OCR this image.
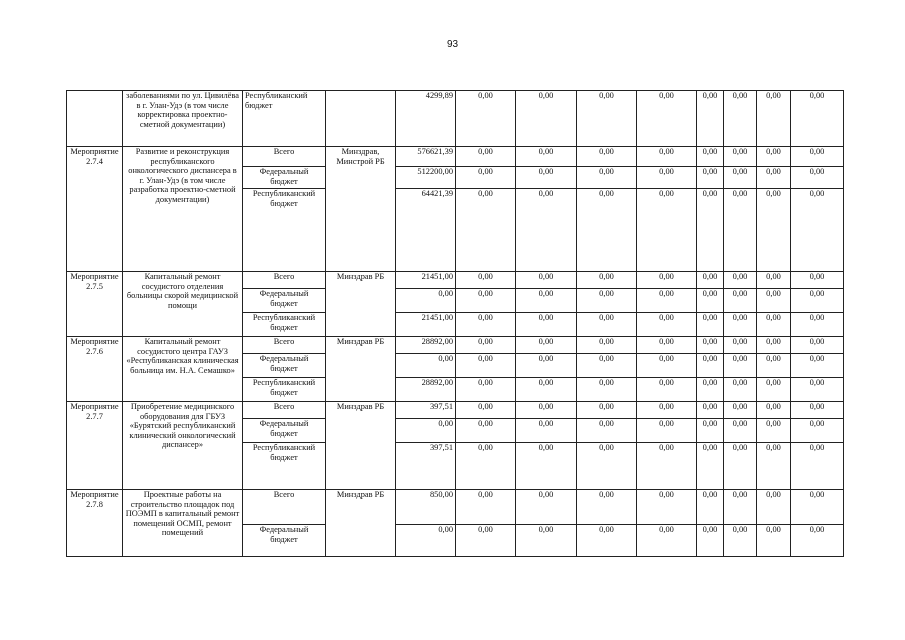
93
	заболеваниями по ул. Цивилёва в г. Улан-Удэ (в том числе корректировка проектно-сметной документации)	Республиканский бюджет		4299,89	0,00	0,00	0,00	0,00	0,00	0,00	0,00	0,00
Мероприятие 2.7.4	Развитие и реконструкция республиканского онкологического диспансера в г. Улан-Удэ (в том числе разработка проектно-сметной документации)	Всего	Минздрав, Минстрой РБ	576621,39	0,00	0,00	0,00	0,00	0,00	0,00	0,00	0,00
		Федеральный бюджет		512200,00	0,00	0,00	0,00	0,00	0,00	0,00	0,00	0,00
		Республиканский бюджет		64421,39	0,00	0,00	0,00	0,00	0,00	0,00	0,00	0,00
Мероприятие 2.7.5	Капитальный ремонт сосудистого отделения больницы скорой медицинской помощи	Всего	Минздрав РБ	21451,00	0,00	0,00	0,00	0,00	0,00	0,00	0,00	0,00
		Федеральный бюджет		0,00	0,00	0,00	0,00	0,00	0,00	0,00	0,00	0,00
		Республиканский бюджет		21451,00	0,00	0,00	0,00	0,00	0,00	0,00	0,00	0,00
Мероприятие 2.7.6	Капитальный ремонт сосудистого центра ГАУЗ «Республиканская клиническая больница им. Н.А. Семашко»	Всего	Минздрав РБ	28892,00	0,00	0,00	0,00	0,00	0,00	0,00	0,00	0,00
		Федеральный бюджет		0,00	0,00	0,00	0,00	0,00	0,00	0,00	0,00	0,00
		Республиканский бюджет		28892,00	0,00	0,00	0,00	0,00	0,00	0,00	0,00	0,00
Мероприятие 2.7.7	Приобретение медицинского оборудования для ГБУЗ «Бурятский республиканский клинический онкологический диспансер»	Всего	Минздрав РБ	397,51	0,00	0,00	0,00	0,00	0,00	0,00	0,00	0,00
		Федеральный бюджет		0,00	0,00	0,00	0,00	0,00	0,00	0,00	0,00	0,00
		Республиканский бюджет		397,51	0,00	0,00	0,00	0,00	0,00	0,00	0,00	0,00
Мероприятие 2.7.8	Проектные работы на строительство площадок под ПОЭМП в капитальный ремонт помещений ОСМП, ремонт помещений	Всего	Минздрав РБ	850,00	0,00	0,00	0,00	0,00	0,00	0,00	0,00	0,00
		Федеральный бюджет		0,00	0,00	0,00	0,00	0,00	0,00	0,00	0,00	0,00
